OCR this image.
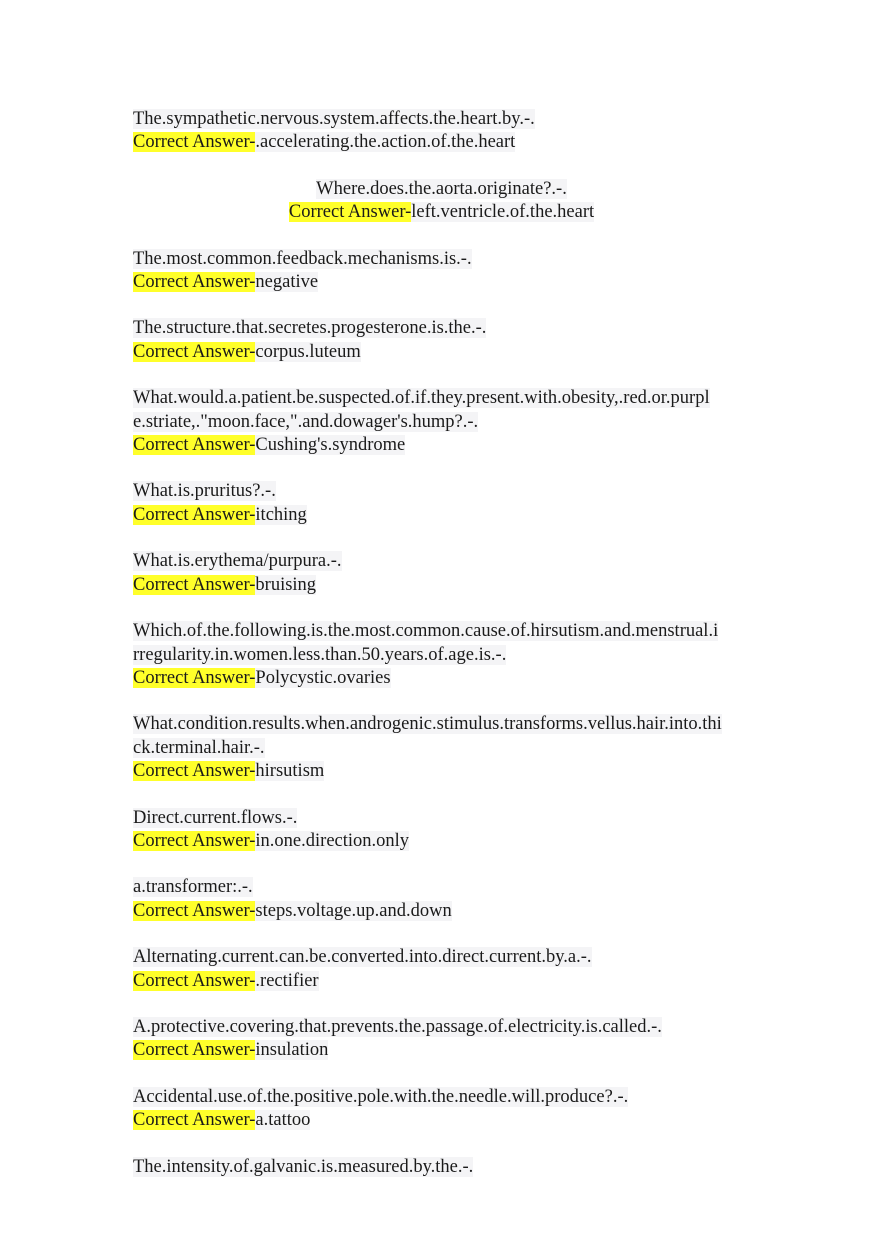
The.sympathetic.nervous.system.affects.the.heart.by.-.
Correct Answer-.accelerating.the.action.of.the.heart
Where.does.the.aorta.originate?.-.
Correct Answer-left.ventricle.of.the.heart
The.most.common.feedback.mechanisms.is.-.
Correct Answer-negative
The.structure.that.secretes.progesterone.is.the.-.
Correct Answer-corpus.luteum
What.would.a.patient.be.suspected.of.if.they.present.with.obesity,.red.or.purpl
e.striate,."moon.face,".and.dowager's.hump?.-.
Correct Answer-Cushing's.syndrome
What.is.pruritus?.-.
Correct Answer-itching
What.is.erythema/purpura.-.
Correct Answer-bruising
Which.of.the.following.is.the.most.common.cause.of.hirsutism.and.menstrual.i
rregularity.in.women.less.than.50.years.of.age.is.-.
Correct Answer-Polycystic.ovaries
What.condition.results.when.androgenic.stimulus.transforms.vellus.hair.into.thi
ck.terminal.hair.-.
Correct Answer-hirsutism
Direct.current.flows.-.
Correct Answer-in.one.direction.only
a.transformer:.-.
Correct Answer-steps.voltage.up.and.down
Alternating.current.can.be.converted.into.direct.current.by.a.-.
Correct Answer-.rectifier
A.protective.covering.that.prevents.the.passage.of.electricity.is.called.-.
Correct Answer-insulation
Accidental.use.of.the.positive.pole.with.the.needle.will.produce?.-.
Correct Answer-a.tattoo
The.intensity.of.galvanic.is.measured.by.the.-.
